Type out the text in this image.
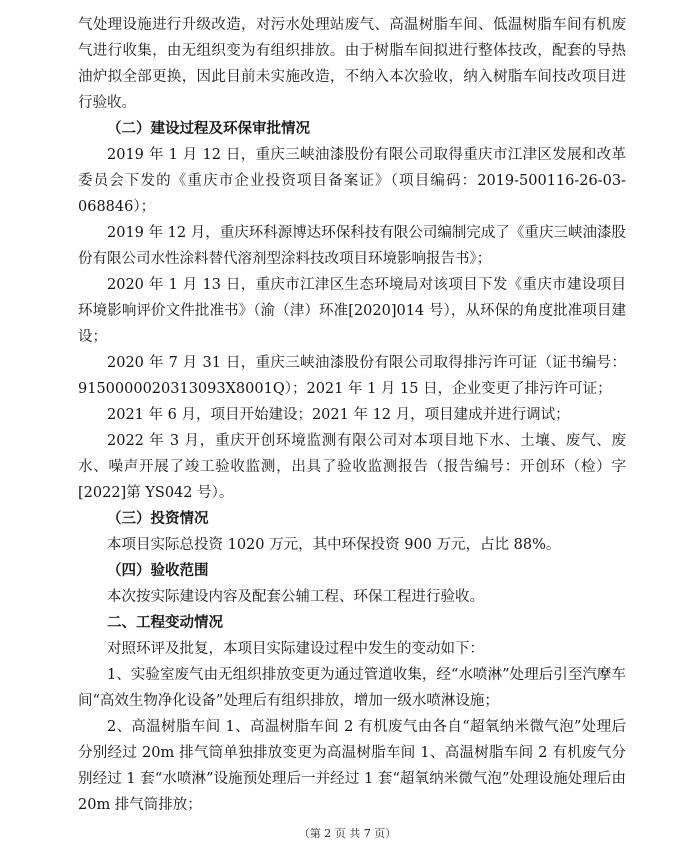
气处理设施进行升级改造，对污水处理站废气、高温树脂车间、低温树脂车间有机废气进行收集，由无组织变为有组织排放。由于树脂车间拟进行整体技改，配套的导热油炉拟全部更换，因此目前未实施改造，不纳入本次验收，纳入树脂车间技改项目进行验收。

（二）建设过程及环保审批情况

2019 年 1 月 12 日，重庆三峡油漆股份有限公司取得重庆市江津区发展和改革委员会下发的《重庆市企业投资项目备案证》（项目编码：2019-500116-26-03-068846）；

2019 年 12 月，重庆环科源博达环保科技有限公司编制完成了《重庆三峡油漆股份有限公司水性涂料替代溶剂型涂料技改项目环境影响报告书》；

2020 年 1 月 13 日，重庆市江津区生态环境局对该项目下发《重庆市建设项目环境影响评价文件批准书》（渝（津）环准[2020]014 号），从环保的角度批准项目建设；

2020 年 7 月 31 日，重庆三峡油漆股份有限公司取得排污许可证（证书编号：915000002031309​3X8001Q）；2021 年 1 月 15 日，企业变更了排污许可证；

2021 年 6 月，项目开始建设；2021 年 12 月，项目建成并进行调试；

2022 年 3 月，重庆开创环境监测有限公司对本项目地下水、土壤、废气、废水、噪声开展了竣工验收监测，出具了验收监测报告（报告编号：开创环（检）字[2022]第 YS042 号）。

（三）投资情况

本项目实际总投资 1020 万元，其中环保投资 900 万元，占比 88%。

（四）验收范围

本次按实际建设内容及配套公辅工程、环保工程进行验收。

二、工程变动情况

对照环评及批复，本项目实际建设过程中发生的变动如下：

1、实验室废气由无组织排放变更为通过管道收集，经“水喷淋”处理后引至汽摩车间“高效生物净化设备”处理后有组织排放，增加一级水喷淋设施；

2、高温树脂车间 1、高温树脂车间 2 有机废气由各自“超氧纳米微气泡”处理后分别经过 20m 排气筒单独排放变更为高温树脂车间 1、高温树脂车间 2 有机废气分别经过 1 套“水喷淋”设施预处理后一并经过 1 套“超氧纳米微气泡”处理设施处理后由 20m 排气筒排放；

（第 2 页 共 7 页）
